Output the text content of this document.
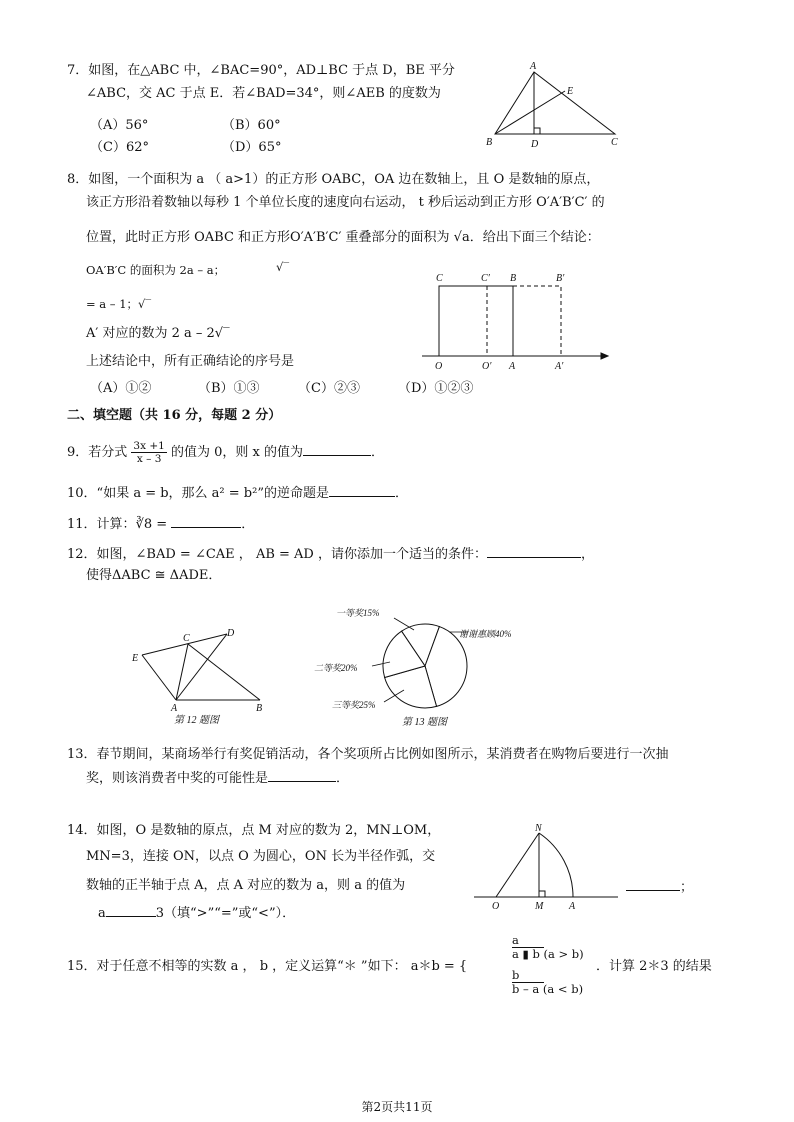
7．如图，在△ABC 中，∠BAC=90°，AD⊥BC 于点 D，BE 平分
∠ABC，交 AC 于点 E．若∠BAD=34°，则∠AEB 的度数为
（A）56°	（B）60°
（C）62°	（D）65°
A
B	D	C
E
8．如图，一个面积为 a （ a>1）的正方形 OABC，OA 边在数轴上，且 O 是数轴的原点，
该正方形沿着数轴以每秒 1 个单位长度的速度向右运动， t 秒后运动到正方形 O′A′B′C′ 的
位置，此时正方形 OABC 和正方形O′A′B′C′ 重叠部分的面积为 √a．给出下面三个结论：
OA′B′C 的面积为 2a – a；	√‾
= a – 1；√‾
A′ 对应的数为 2 a – 2√‾
上述结论中，所有正确结论的序号是
（A）①②	（B）①③	（C）②③	（D）①②③
C	C′ B	B′
O	O′ A	A′
二、填空题（共 16 分，每题 2 分）
9．若分式 $\frac{3x +1}{x - 3}$ 的值为 0，则 x 的值为	．
10．“如果 a = b，那么 a² = b²”的逆命题是	．
11．计算：∛8 =	．
12．如图，∠BAD = ∠CAE ， AB = AD ，请你添加一个适当的条件：	，
使得ΔABC ≅ ΔADE．
E
C	D
A	B
第 12 题图
一等奖15%
谢谢惠顾40%
二等奖20%
三等奖25%
第 13 题图
13．春节期间，某商场举行有奖促销活动，各个奖项所占比例如图所示，某消费者在购物后要进行一次抽
奖，则该消费者中奖的可能性是	．
14．如图，O 是数轴的原点，点 M 对应的数为 2，MN⊥OM，
MN=3，连接 ON，以点 O 为圆心，ON 长为半径作弧，交
数轴的正半轴于点 A，点 A 对应的数为 a，则 a 的值为
a	3（填“>”“=”或“<”）．
N
O	M	A
；
15．对于任意不相等的实数 a ， b ，定义运算“＊ ”如下： a＊b = {
a
a ▮ b (a > b)
b
b – a (a < b)
．计算 2＊3 的结果
第2页共11页
